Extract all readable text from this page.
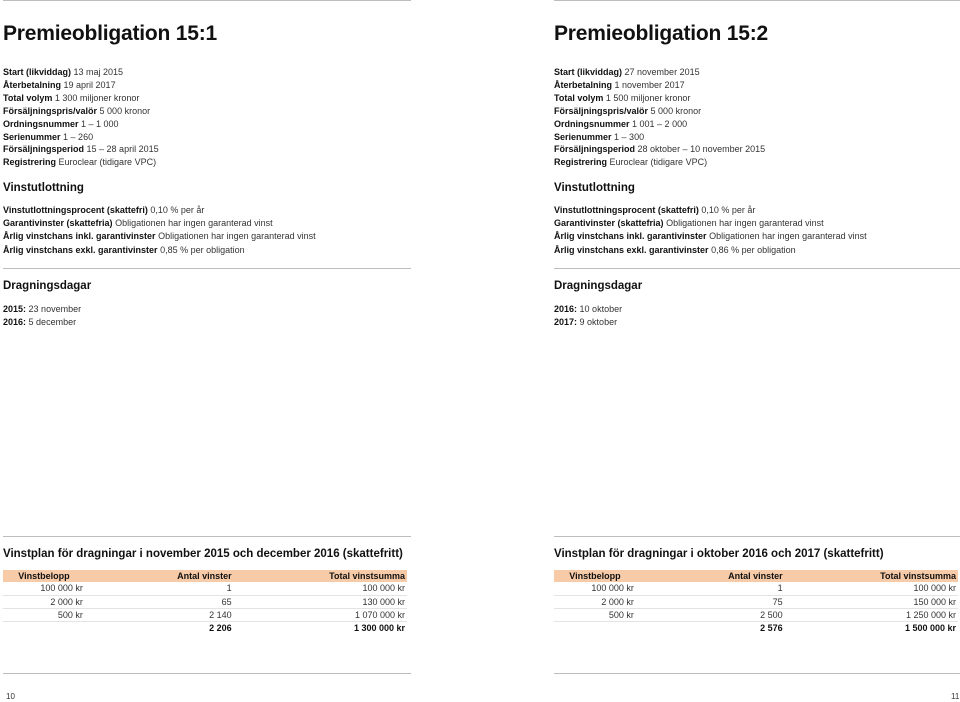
Premieobligation 15:1
Start (likviddag) 13 maj 2015
Återbetalning 19 april 2017
Total volym 1 300 miljoner kronor
Försäljningspris/valör 5 000 kronor
Ordningsnummer 1 – 1 000
Serienummer 1 – 260
Försäljningsperiod 15 – 28 april 2015
Registrering Euroclear (tidigare VPC)
Vinstutlottning
Vinstutlottningsprocent (skattefri) 0,10 % per år
Garantivinster (skattefria) Obligationen har ingen garanterad vinst
Årlig vinstchans inkl. garantivinster Obligationen har ingen garanterad vinst
Årlig vinstchans exkl. garantivinster 0,85 % per obligation
Dragningsdagar
2015: 23 november
2016: 5 december
Vinstplan för dragningar i november 2015 och december 2016 (skattefritt)
Vinstbelopp	Antal vinster	Total vinstsumma
100 000 kr	1	100 000 kr
2 000 kr	65	130 000 kr
500 kr	2 140	1 070 000 kr
	2 206	1 300 000 kr
10
Premieobligation 15:2
Start (likviddag) 27 november 2015
Återbetalning 1 november 2017
Total volym 1 500 miljoner kronor
Försäljningspris/valör 5 000 kronor
Ordningsnummer 1 001 – 2 000
Serienummer 1 – 300
Försäljningsperiod 28 oktober – 10 november 2015
Registrering Euroclear (tidigare VPC)
Vinstutlottning
Vinstutlottningsprocent (skattefri) 0,10 % per år
Garantivinster (skattefria) Obligationen har ingen garanterad vinst
Årlig vinstchans inkl. garantivinster Obligationen har ingen garanterad vinst
Årlig vinstchans exkl. garantivinster 0,86 % per obligation
Dragningsdagar
2016: 10 oktober
2017: 9 oktober
Vinstplan för dragningar i oktober 2016 och 2017 (skattefritt)
Vinstbelopp	Antal vinster	Total vinstsumma
100 000 kr	1	100 000 kr
2 000 kr	75	150 000 kr
500 kr	2 500	1 250 000 kr
	2 576	1 500 000 kr
11
